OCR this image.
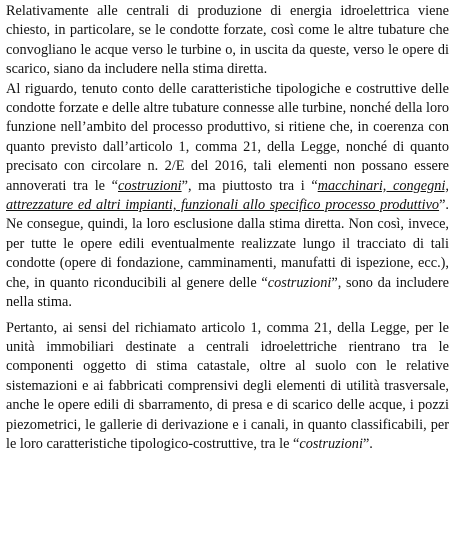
Relativamente alle centrali di produzione di energia idroelettrica viene chiesto, in particolare, se le condotte forzate, così come le altre tubature che convogliano le acque verso le turbine o, in uscita da queste, verso le opere di scarico, siano da includere nella stima diretta.

Al riguardo, tenuto conto delle caratteristiche tipologiche e costruttive delle condotte forzate e delle altre tubature connesse alle turbine, nonché della loro funzione nell’ambito del processo produttivo, si ritiene che, in coerenza con quanto previsto dall’articolo 1, comma 21, della Legge, nonché di quanto precisato con circolare n. 2/E del 2016, tali elementi non possano essere annoverati tra le “costruzioni”, ma piuttosto tra i “macchinari, congegni, attrezzature ed altri impianti, funzionali allo specifico processo produttivo”. Ne consegue, quindi, la loro esclusione dalla stima diretta. Non così, invece, per tutte le opere edili eventualmente realizzate lungo il tracciato di tali condotte (opere di fondazione, camminamenti, manufatti di ispezione, ecc.), che, in quanto riconducibili al genere delle “costruzioni”, sono da includere nella stima.

Pertanto, ai sensi del richiamato articolo 1, comma 21, della Legge, per le unità immobiliari destinate a centrali idroelettriche rientrano tra le componenti oggetto di stima catastale, oltre al suolo con le relative sistemazioni e ai fabbricati comprensivi degli elementi di utilità trasversale, anche le opere edili di sbarramento, di presa e di scarico delle acque, i pozzi piezometrici, le gallerie di derivazione e i canali, in quanto classificabili, per le loro caratteristiche tipologico-costruttive, tra le “costruzioni”.
